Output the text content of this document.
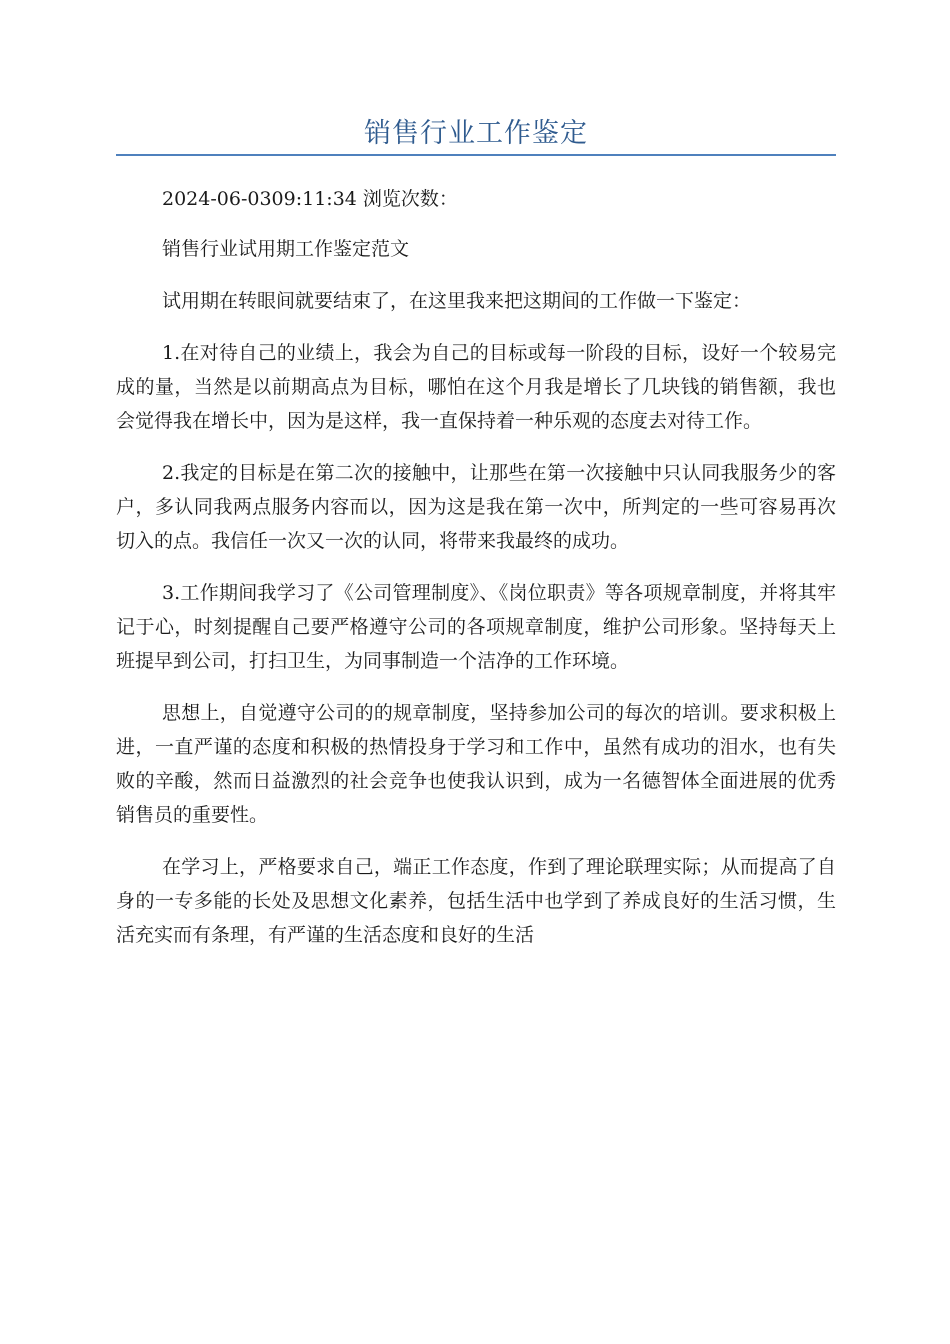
销售行业工作鉴定
2024-06-0309:11:34 浏览次数：

销售行业试用期工作鉴定范文

试用期在转眼间就要结束了，在这里我来把这期间的工作做一下鉴定：

1.在对待自己的业绩上，我会为自己的目标或每一阶段的目标，设好一个较易完成的量，当然是以前期高点为目标，哪怕在这个月我是增长了几块钱的销售额，我也会觉得我在增长中，因为是这样，我一直保持着一种乐观的态度去对待工作。

2.我定的目标是在第二次的接触中，让那些在第一次接触中只认同我服务少的客户，多认同我两点服务内容而以，因为这是我在第一次中，所判定的一些可容易再次切入的点。我信任一次又一次的认同，将带来我最终的成功。

3.工作期间我学习了《公司管理制度》、《岗位职责》等各项规章制度，并将其牢记于心，时刻提醒自己要严格遵守公司的各项规章制度，维护公司形象。坚持每天上班提早到公司，打扫卫生，为同事制造一个洁净的工作环境。

思想上，自觉遵守公司的的规章制度，坚持参加公司的每次的培训。要求积极上进，一直严谨的态度和积极的热情投身于学习和工作中，虽然有成功的泪水，也有失败的辛酸，然而日益激烈的社会竞争也使我认识到，成为一名德智体全面进展的优秀销售员的重要性。

在学习上，严格要求自己，端正工作态度，作到了理论联理实际；从而提高了自身的一专多能的长处及思想文化素养，包括生活中也学到了养成良好的生活习惯，生活充实而有条理，有严谨的生活态度和良好的生活
